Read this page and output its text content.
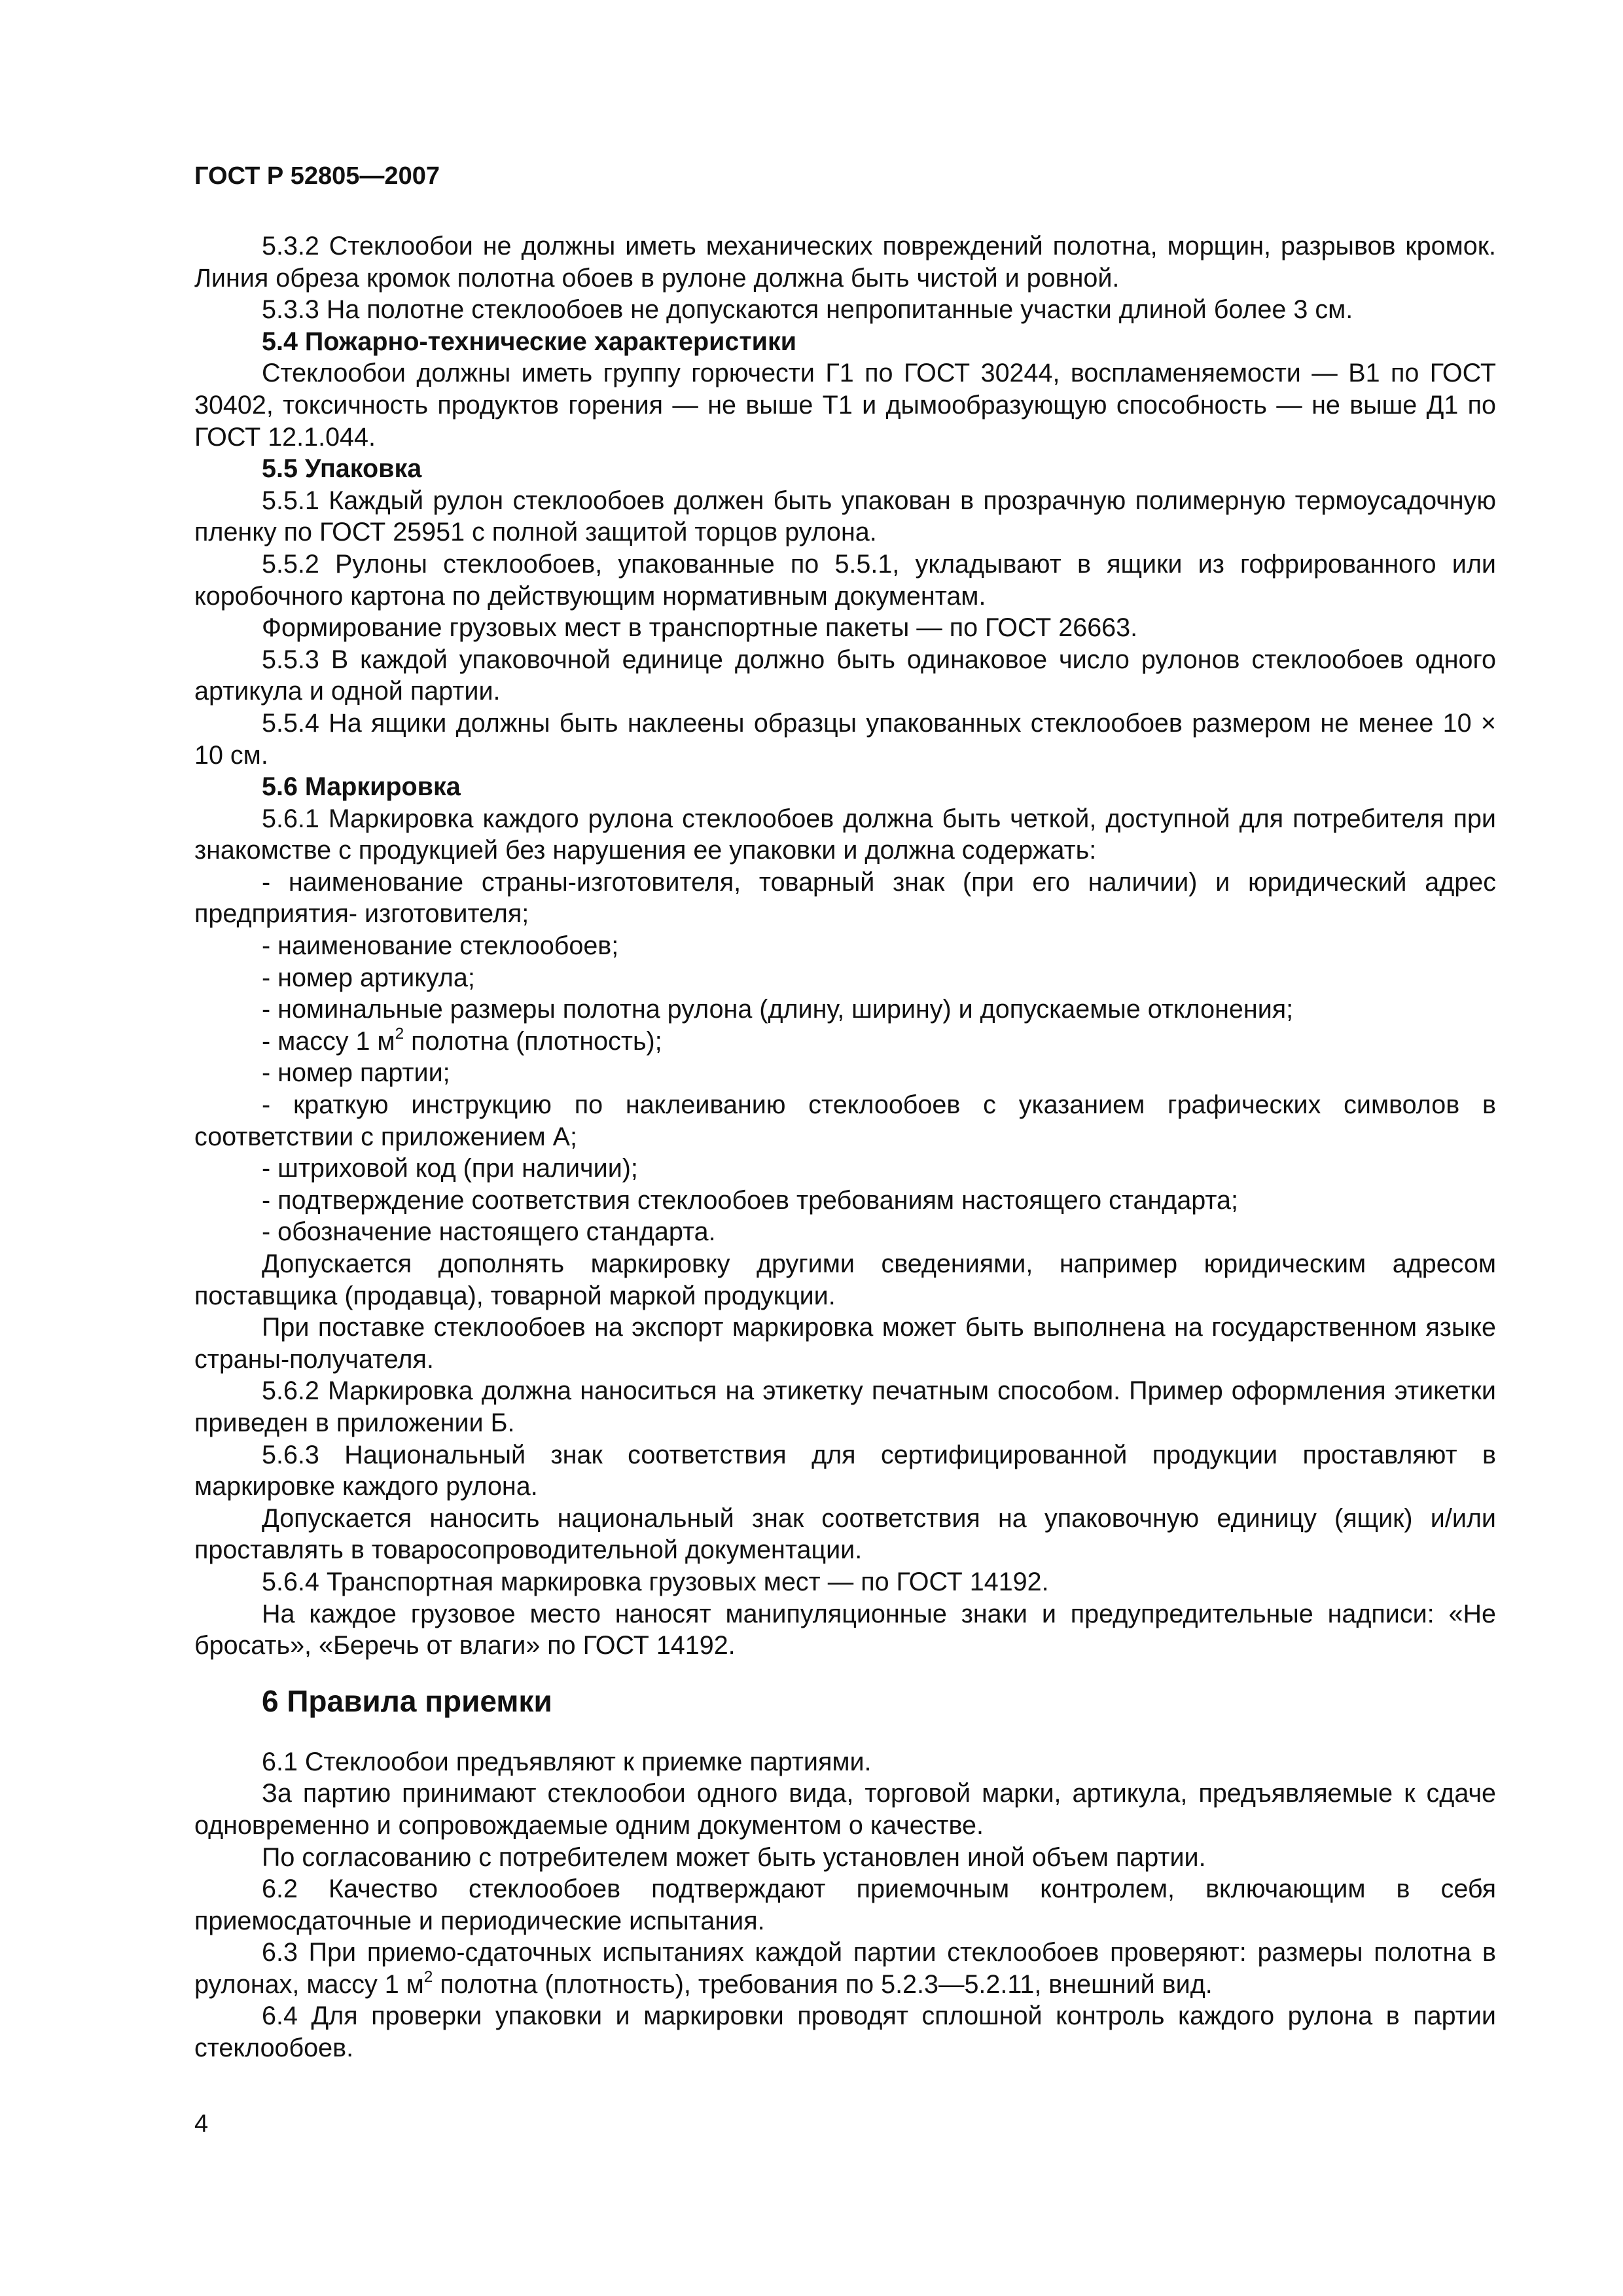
ГОСТ Р 52805—2007

5.3.2 Стеклообои не должны иметь механических повреждений полотна, морщин, разрывов кромок. Линия обреза кромок полотна обоев в рулоне должна быть чистой и ровной.

5.3.3 На полотне стеклообоев не допускаются непропитанные участки длиной более 3 см.

5.4 Пожарно-технические характеристики

Стеклообои должны иметь группу горючести Г1 по ГОСТ 30244, воспламеняемости — В1 по ГОСТ 30402, токсичность продуктов горения — не выше Т1 и дымообразующую способность — не выше Д1 по ГОСТ 12.1.044.

5.5 Упаковка

5.5.1 Каждый рулон стеклообоев должен быть упакован в прозрачную полимерную термоусадочную пленку по ГОСТ 25951 с полной защитой торцов рулона.

5.5.2 Рулоны стеклообоев, упакованные по 5.5.1, укладывают в ящики из гофрированного или коробочного картона по действующим нормативным документам.

Формирование грузовых мест в транспортные пакеты — по ГОСТ 26663.

5.5.3 В каждой упаковочной единице должно быть одинаковое число рулонов стеклообоев одного артикула и одной партии.

5.5.4 На ящики должны быть наклеены образцы упакованных стеклообоев размером не менее 10 × 10 см.

5.6 Маркировка

5.6.1 Маркировка каждого рулона стеклообоев должна быть четкой, доступной для потребителя при знакомстве с продукцией без нарушения ее упаковки и должна содержать:

- наименование страны-изготовителя, товарный знак (при его наличии) и юридический адрес предприятия- изготовителя;

- наименование стеклообоев;

- номер артикула;

- номинальные размеры полотна рулона (длину, ширину) и допускаемые отклонения;

- массу 1 $м^2$ полотна (плотность);

- номер партии;

- краткую инструкцию по наклеиванию стеклообоев с указанием графических символов в соответствии с приложением А;

- штриховой код (при наличии);

- подтверждение соответствия стеклообоев требованиям настоящего стандарта;

- обозначение настоящего стандарта.

Допускается дополнять маркировку другими сведениями, например юридическим адресом поставщика (продавца), товарной маркой продукции.

При поставке стеклообоев на экспорт маркировка может быть выполнена на государственном языке страны-получателя.

5.6.2 Маркировка должна наноситься на этикетку печатным способом. Пример оформления этикетки приведен в приложении Б.

5.6.3 Национальный знак соответствия для сертифицированной продукции проставляют в маркировке каждого рулона.

Допускается наносить национальный знак соответствия на упаковочную единицу (ящик) и/или проставлять в товаросопроводительной документации.

5.6.4 Транспортная маркировка грузовых мест — по ГОСТ 14192.

На каждое грузовое место наносят манипуляционные знаки и предупредительные надписи: «Не бросать», «Беречь от влаги» по ГОСТ 14192.

6 Правила приемки

6.1 Стеклообои предъявляют к приемке партиями.

За партию принимают стеклообои одного вида, торговой марки, артикула, предъявляемые к сдаче одновременно и сопровождаемые одним документом о качестве.

По согласованию с потребителем может быть установлен иной объем партии.

6.2 Качество стеклообоев подтверждают приемочным контролем, включающим в себя приемосдаточные и периодические испытания.

6.3 При приемо-сдаточных испытаниях каждой партии стеклообоев проверяют: размеры полотна в рулонах, массу 1 $м^2$ полотна (плотность), требования по 5.2.3—5.2.11, внешний вид.

6.4 Для проверки упаковки и маркировки проводят сплошной контроль каждого рулона в партии стеклообоев.

4
